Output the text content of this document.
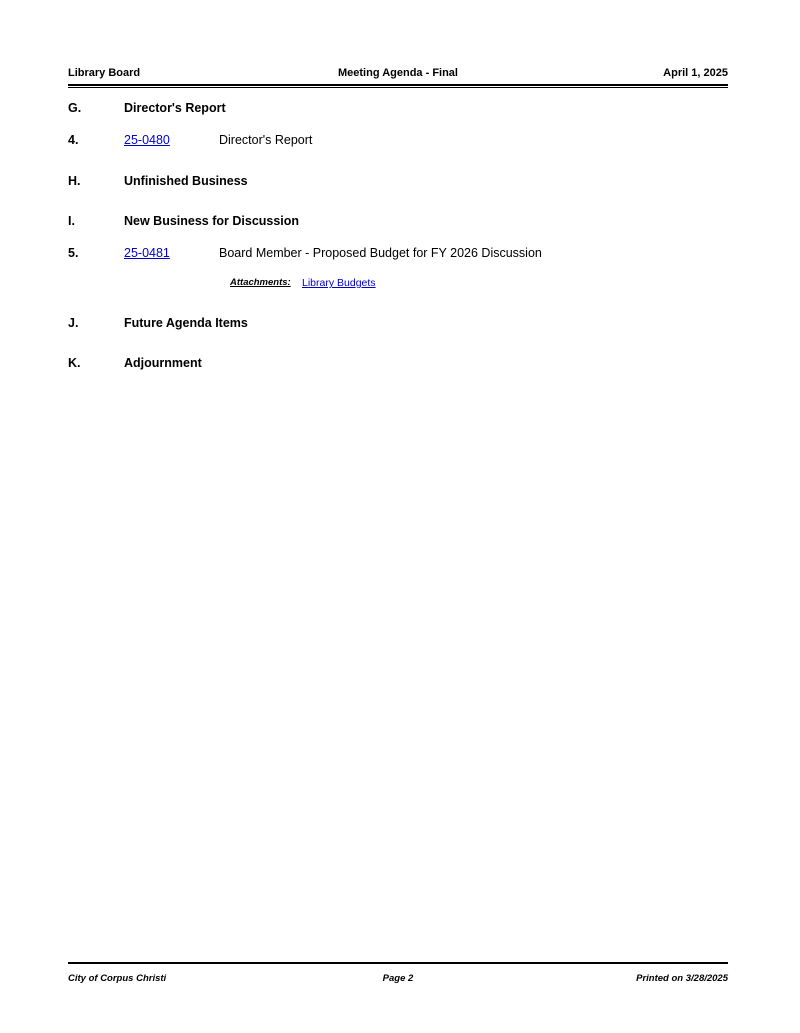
Library Board	Meeting Agenda - Final	April 1, 2025
G.	Director's Report
4.	25-0480	Director's Report
H.	Unfinished Business
I.	New Business for Discussion
5.	25-0481	Board Member - Proposed Budget for FY 2026 Discussion
Attachments: Library Budgets
J.	Future Agenda Items
K.	Adjournment
City of Corpus Christi	Page 2	Printed on 3/28/2025
